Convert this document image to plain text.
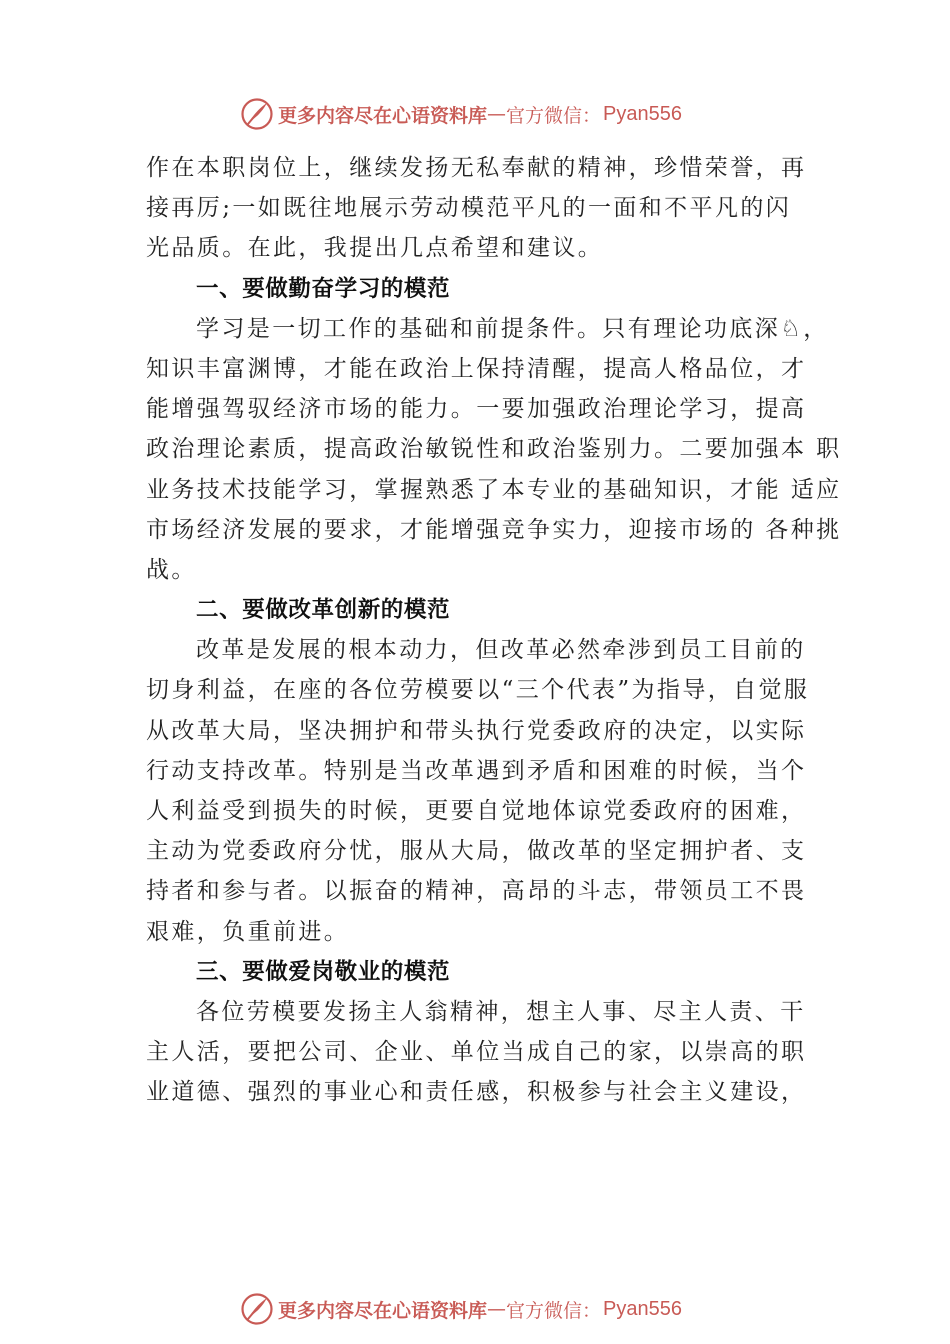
更多内容尽在心语资料库 — 官方微信： Pyan556
作在本职岗位上，继续发扬无私奉献的精神，珍惜荣誉，再
接再厉;一如既往地展示劳动模范平凡的一面和不平凡的闪
光品质。在此，我提出几点希望和建议。
一、要做勤奋学习的模范
学习是一切工作的基础和前提条件。只有理论功底深♘，
知识丰富渊博，才能在政治上保持清醒，提高人格品位，才
能增强驾驭经济市场的能力。一要加强政治理论学习，提高
政治理论素质，提高政治敏锐性和政治鉴别力。二要加强本 职
业务技术技能学习，掌握熟悉了本专业的基础知识，才能 适应
市场经济发展的要求，才能增强竞争实力，迎接市场的 各种挑
战。
二、要做改革创新的模范
改革是发展的根本动力，但改革必然牵涉到员工目前的
切身利益，在座的各位劳模要以“三个代表”为指导，自觉服
从改革大局，坚决拥护和带头执行党委政府的决定，以实际
行动支持改革。特别是当改革遇到矛盾和困难的时候，当个
人利益受到损失的时候，更要自觉地体谅党委政府的困难，
主动为党委政府分忧，服从大局，做改革的坚定拥护者、支
持者和参与者。以振奋的精神，高昂的斗志，带领员工不畏
艰难，负重前进。
三、要做爱岗敬业的模范
各位劳模要发扬主人翁精神，想主人事、尽主人责、干
主人活，要把公司、企业、单位当成自己的家，以崇高的职
业道德、强烈的事业心和责任感，积极参与社会主义建设，
更多内容尽在心语资料库 — 官方微信： Pyan556
